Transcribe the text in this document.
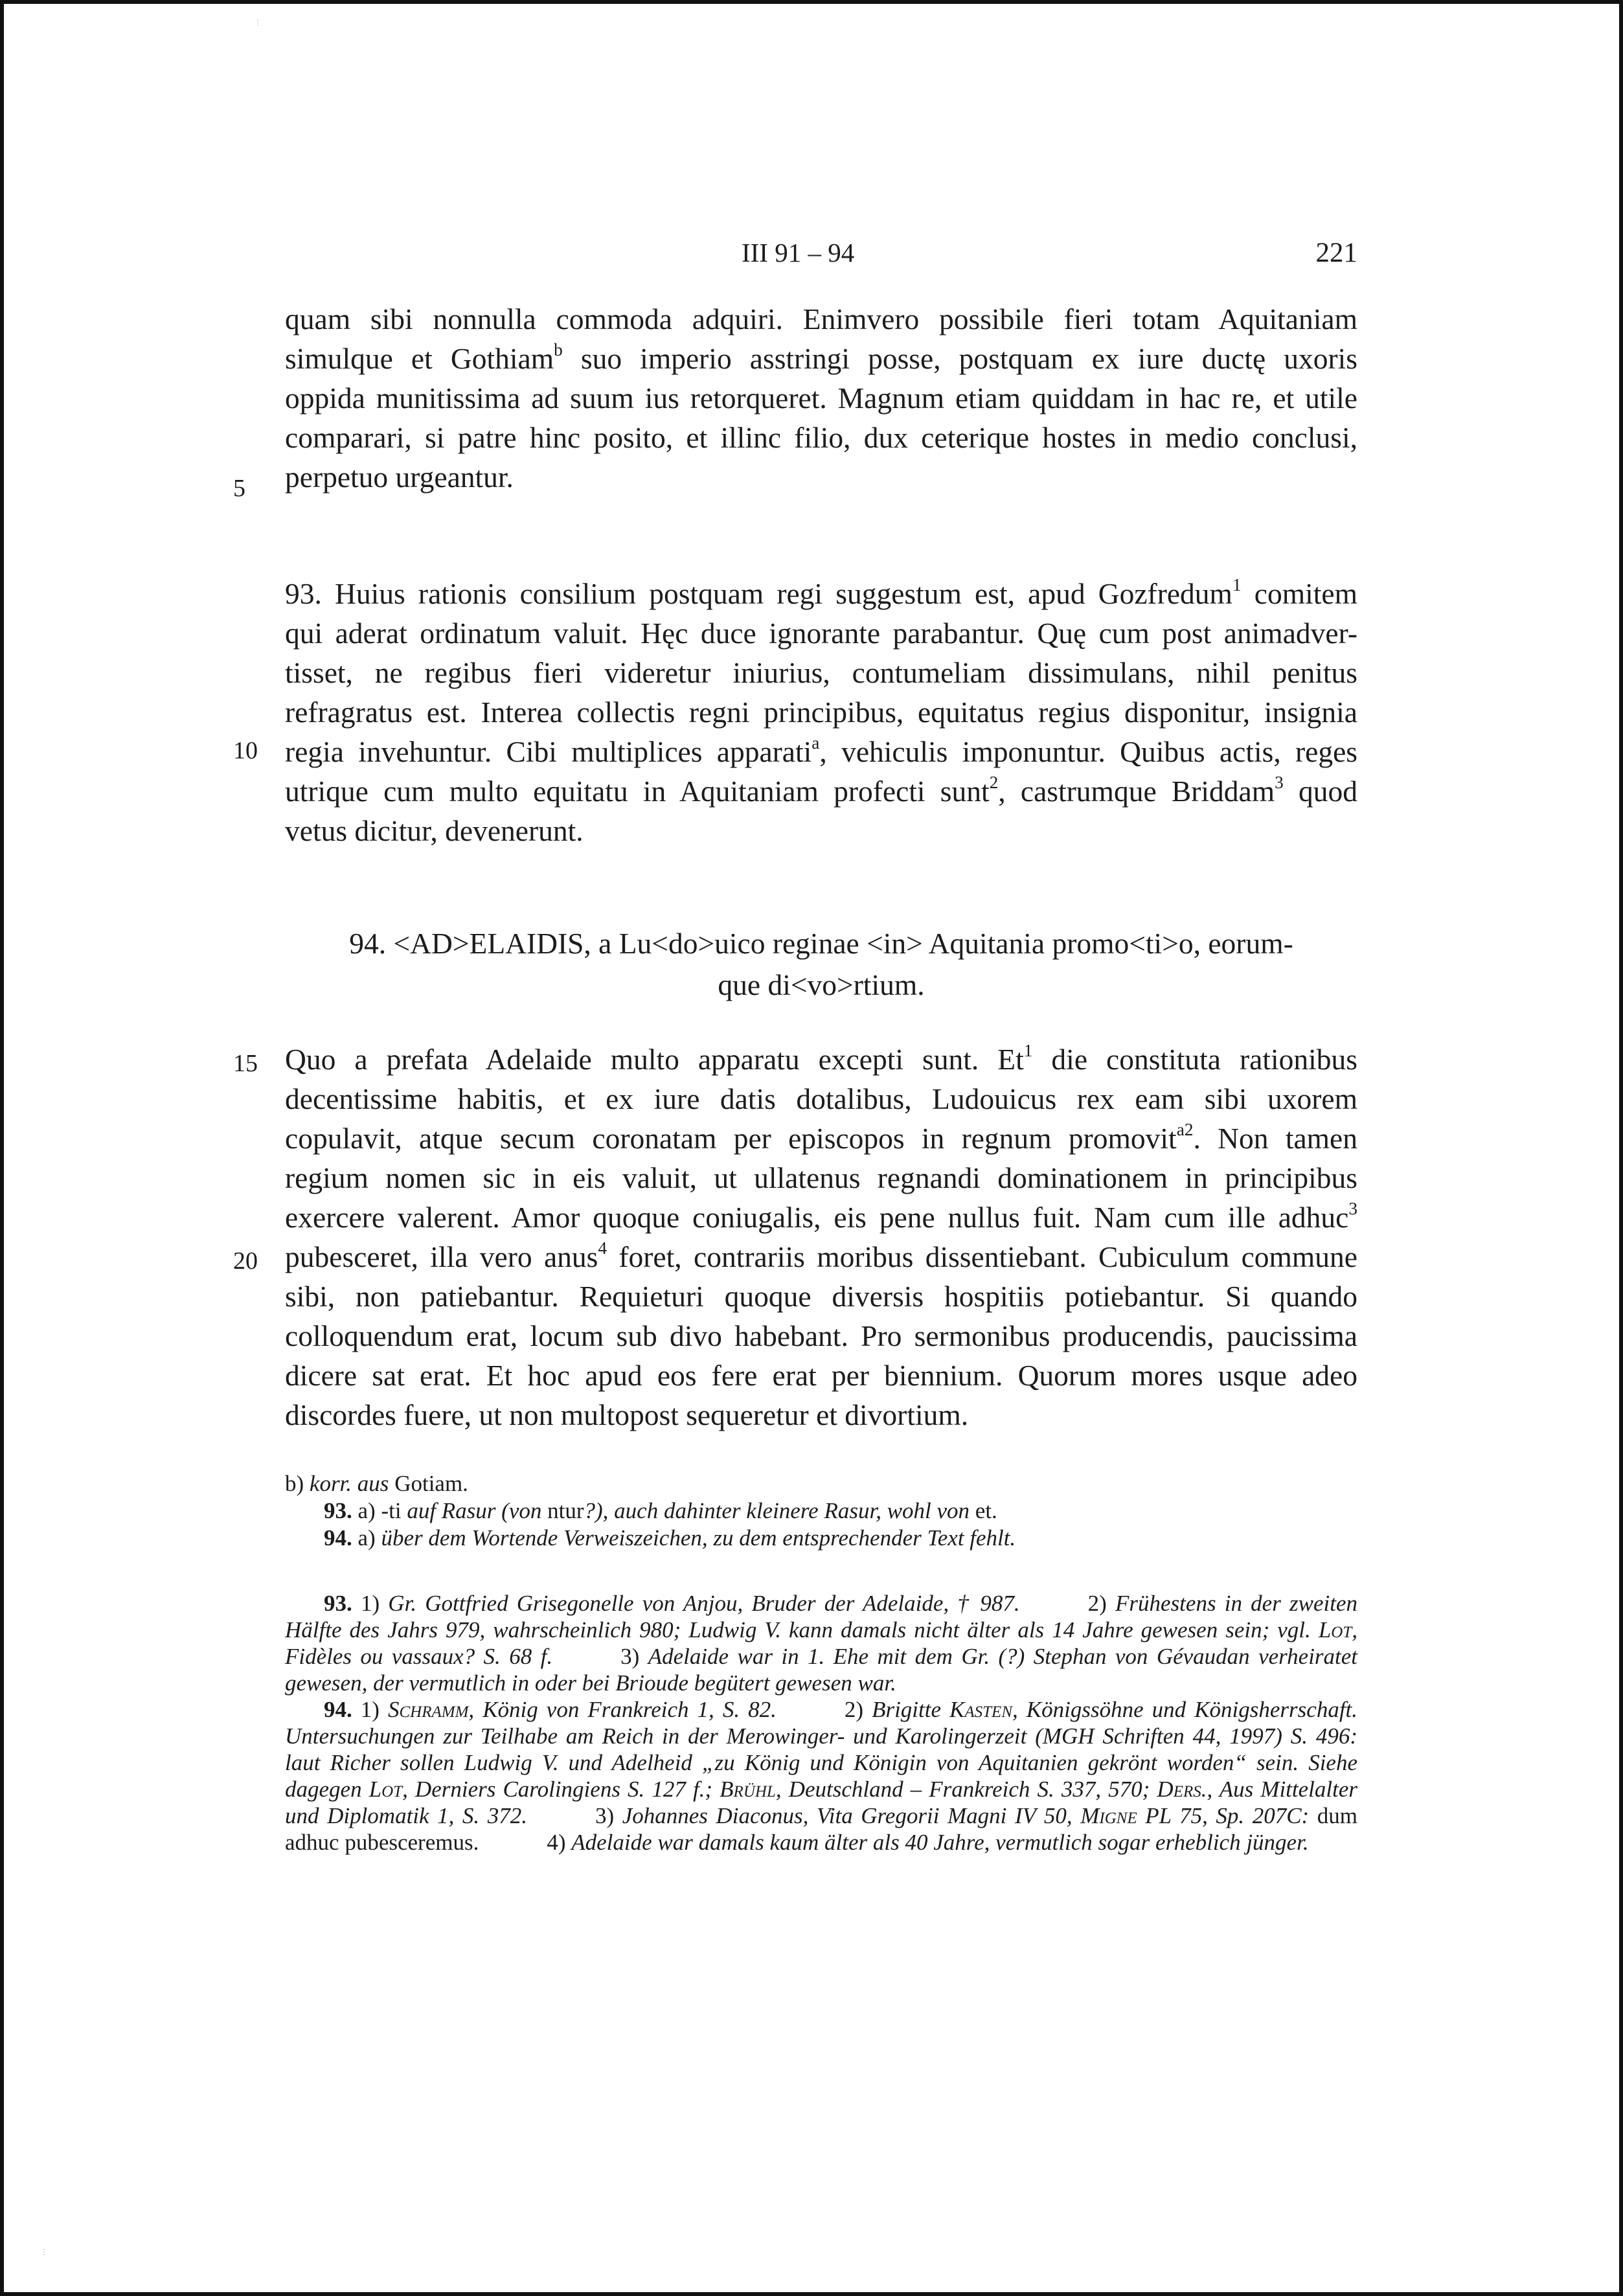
⋮
⋮
III 91 – 94	221
quam sibi nonnulla commoda adquiri. Enimvero possibile fieri totam Aquitaniam
simulque et Gothiam$^b$ suo imperio asstringi posse, postquam ex iure ductę uxoris
oppida munitissima ad suum ius retorqueret. Magnum etiam quiddam in hac re, et utile
comparari, si patre hinc posito, et illinc filio, dux ceterique hostes in medio conclusi,
perpetuo urgeantur.
93. Huius rationis consilium postquam regi suggestum est, apud Gozfredum$^1$ comitem
qui aderat ordinatum valuit. Hęc duce ignorante parabantur. Quę cum post animadver-
tisset, ne regibus fieri videretur iniurius, contumeliam dissimulans, nihil penitus
refragratus est. Interea collectis regni principibus, equitatus regius disponitur, insignia
regia invehuntur. Cibi multiplices apparati$^a$, vehiculis imponuntur. Quibus actis, reges
utrique cum multo equitatu in Aquitaniam profecti sunt$^2$, castrumque Briddam$^3$ quod
vetus dicitur, devenerunt.
94. <AD>ELAIDIS, a Lu<do>uico reginae <in> Aquitania promo<ti>o, eorum-
que di<vo>rtium.
Quo a prefata Adelaide multo apparatu excepti sunt. Et$^1$ die constituta rationibus
decentissime habitis, et ex iure datis dotalibus, Ludouicus rex eam sibi uxorem
copulavit, atque secum coronatam per episcopos in regnum promovit$^{a2}$. Non tamen
regium nomen sic in eis valuit, ut ullatenus regnandi dominationem in principibus
exercere valerent. Amor quoque coniugalis, eis pene nullus fuit. Nam cum ille adhuc$^3$
pubesceret, illa vero anus$^4$ foret, contrariis moribus dissentiebant. Cubiculum commune
sibi, non patiebantur. Requieturi quoque diversis hospitiis potiebantur. Si quando
colloquendum erat, locum sub divo habebant. Pro sermonibus producendis, paucissima
dicere sat erat. Et hoc apud eos fere erat per biennium. Quorum mores usque adeo
discordes fuere, ut non multopost sequeretur et divortium.
5
10
15
20
b) korr. aus Gotiam.
93. a) -ti auf Rasur (von ntur?), auch dahinter kleinere Rasur, wohl von et.
94. a) über dem Wortende Verweiszeichen, zu dem entsprechender Text fehlt.
93. 1) Gr. Gottfried Grisegonelle von Anjou, Bruder der Adelaide, † 987.   	2) Frühestens in der zweiten Hälfte des Jahrs 979, wahrscheinlich 980; Ludwig V. kann damals nicht älter als 14 Jahre gewesen sein; vgl. Lot, Fidèles ou vassaux? S. 68 f.   	3) Adelaide war in 1. Ehe mit dem Gr. (?) Stephan von Gévaudan verheiratet gewesen, der vermutlich in oder bei Brioude begütert gewesen war.
94. 1) Schramm, König von Frankreich 1, S. 82.   	2) Brigitte Kasten, Königssöhne und Königsherrschaft. Untersuchungen zur Teilhabe am Reich in der Merowinger- und Karolingerzeit (MGH Schriften 44, 1997) S. 496: laut Richer sollen Ludwig V. und Adelheid „zu König und Königin von Aquitanien gekrönt worden“ sein. Siehe dagegen Lot, Derniers Carolingiens S. 127 f.; Brühl, Deutschland – Frankreich S. 337, 570; Ders., Aus Mittelalter und Diplomatik 1, S. 372.   	3) Johannes Diaconus, Vita Gregorii Magni IV 50, Migne PL 75, Sp. 207C: dum adhuc pubesceremus.   	4) Adelaide war damals kaum älter als 40 Jahre, vermutlich sogar erheblich jünger.
